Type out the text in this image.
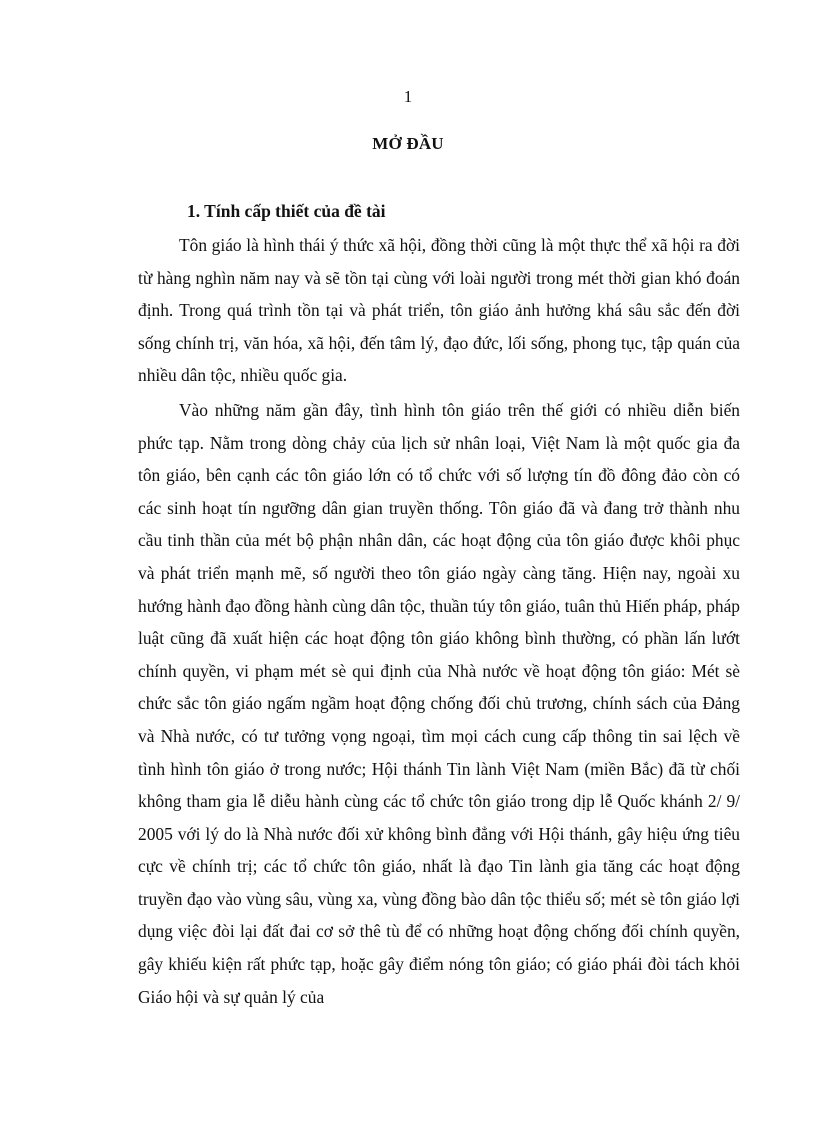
1
MỞ ĐẦU
1. Tính cấp thiết của đề tài

Tôn giáo là hình thái ý thức xã hội, đồng thời cũng là một thực thể xã hội ra đời từ hàng nghìn năm nay và sẽ tồn tại cùng với loài người trong mét thời gian khó đoán định. Trong quá trình tồn tại và phát triển, tôn giáo ảnh hưởng khá sâu sắc đến đời sống chính trị, văn hóa, xã hội, đến tâm lý, đạo đức, lối sống, phong tục, tập quán của nhiều dân tộc, nhiều quốc gia.

Vào những năm gần đây, tình hình tôn giáo trên thế giới có nhiều diễn biến phức tạp. Nằm trong dòng chảy của lịch sử nhân loại, Việt Nam là một quốc gia đa tôn giáo, bên cạnh các tôn giáo lớn có tổ chức với số lượng tín đồ đông đảo còn có các sinh hoạt tín ngưỡng dân gian truyền thống. Tôn giáo đã và đang trở thành nhu cầu tinh thần của mét bộ phận nhân dân, các hoạt động của tôn giáo được khôi phục và phát triển mạnh mẽ, số người theo tôn giáo ngày càng tăng. Hiện nay, ngoài xu hướng hành đạo đồng hành cùng dân tộc, thuần túy tôn giáo, tuân thủ Hiến pháp, pháp luật cũng đã xuất hiện các hoạt động tôn giáo không bình thường, có phần lấn lướt chính quyền, vi phạm mét sè qui định của Nhà nước về hoạt động tôn giáo: Mét sè chức sắc tôn giáo ngấm ngầm hoạt động chống đối chủ trương, chính sách của Đảng và Nhà nước, có tư tưởng vọng ngoại, tìm mọi cách cung cấp thông tin sai lệch về tình hình tôn giáo ở trong nước; Hội thánh Tin lành Việt Nam (miền Bắc) đã từ chối không tham gia lễ diễu hành cùng các tổ chức tôn giáo trong dịp lễ Quốc khánh 2/ 9/ 2005 với lý do là Nhà nước đối xử không bình đẳng với Hội thánh, gây hiệu ứng tiêu cực về chính trị; các tổ chức tôn giáo, nhất là đạo Tin lành gia tăng các hoạt động truyền đạo vào vùng sâu, vùng xa, vùng đồng bào dân tộc thiểu số; mét sè tôn giáo lợi dụng việc đòi lại đất đai cơ sở thê tù để có những hoạt động chống đối chính quyền, gây khiếu kiện rất phức tạp, hoặc gây điểm nóng tôn giáo; có giáo phái đòi tách khỏi Giáo hội và sự quản lý của
